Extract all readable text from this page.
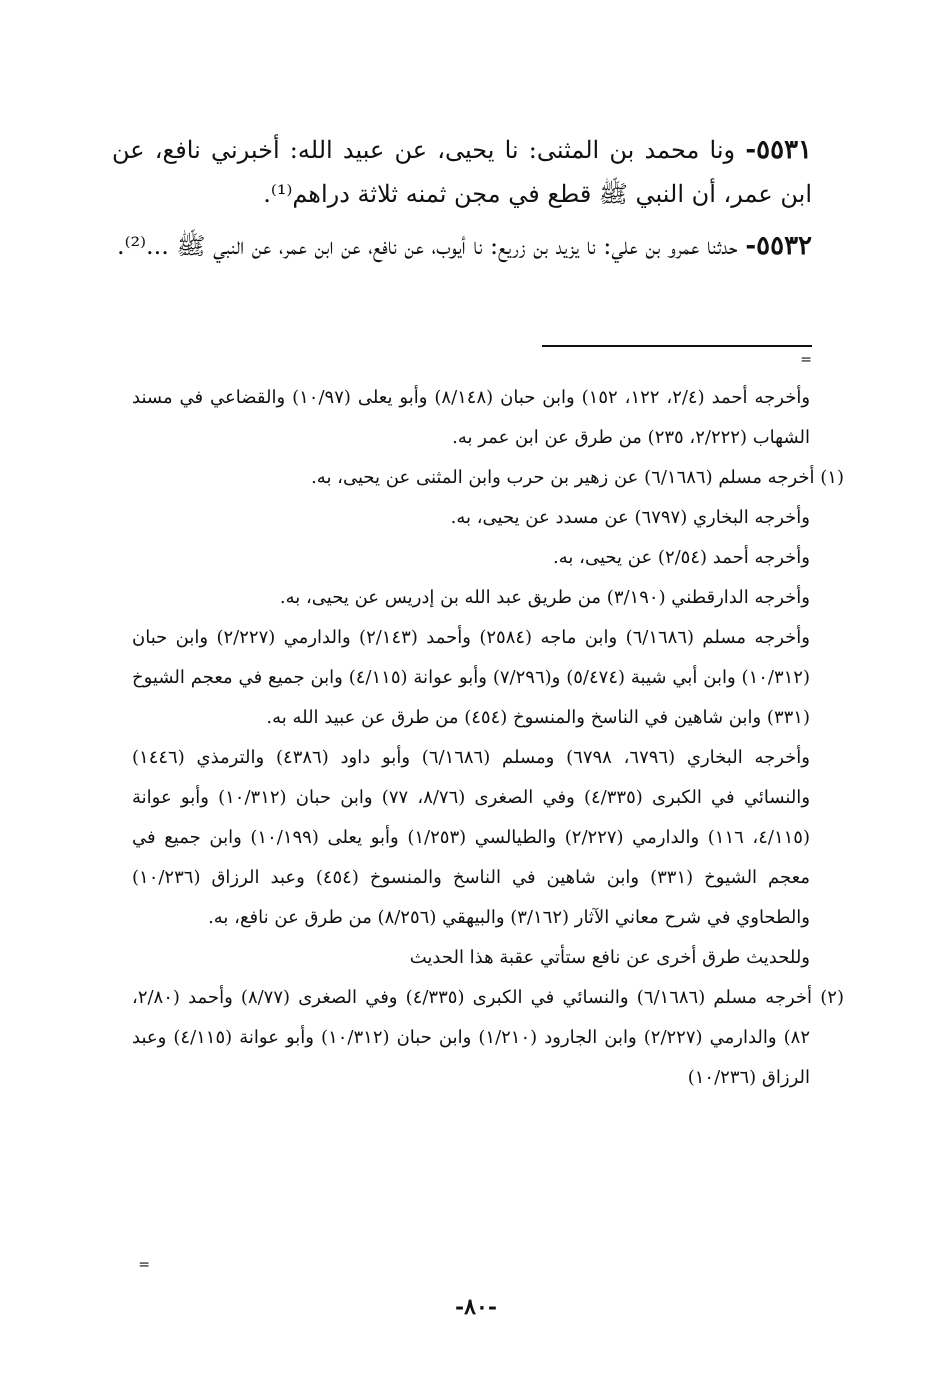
٥٥٣١- ونا محمد بن المثنى: نا يحيى، عن عبيد الله: أخبرني نافع، عن ابن عمر، أن النبي ﷺ قطع في مجن ثمنه ثلاثة دراهم⁽¹⁾.

٥٥٣٢- حدثنا عمرو بن علي: نا يزيد بن زريع: نا أيوب، عن نافع، عن ابن عمر، عن النبي ﷺ ...⁽²⁾.

=

وأخرجه أحمد (٢/٤، ١٢٢، ١٥٢) وابن حبان (٨/١٤٨) وأبو يعلى (١٠/٩٧) والقضاعي في مسند الشهاب (٢/٢٢٢، ٢٣٥) من طرق عن ابن عمر به.

(١) أخرجه مسلم (٦/١٦٨٦) عن زهير بن حرب وابن المثنى عن يحيى، به.

وأخرجه البخاري (٦٧٩٧) عن مسدد عن يحيى، به.

وأخرجه أحمد (٢/٥٤) عن يحيى، به.

وأخرجه الدارقطني (٣/١٩٠) من طريق عبد الله بن إدريس عن يحيى، به.

وأخرجه مسلم (٦/١٦٨٦) وابن ماجه (٢٥٨٤) وأحمد (٢/١٤٣) والدارمي (٢/٢٢٧) وابن حبان (١٠/٣١٢) وابن أبي شيبة (٥/٤٧٤) و(٧/٢٩٦) وأبو عوانة (٤/١١٥) وابن جميع في معجم الشيوخ (٣٣١) وابن شاهين في الناسخ والمنسوخ (٤٥٤) من طرق عن عبيد الله به.

وأخرجه البخاري (٦٧٩٦، ٦٧٩٨) ومسلم (٦/١٦٨٦) وأبو داود (٤٣٨٦) والترمذي (١٤٤٦) والنسائي في الكبرى (٤/٣٣٥) وفي الصغرى (٨/٧٦، ٧٧) وابن حبان (١٠/٣١٢) وأبو عوانة (٤/١١٥، ١١٦) والدارمي (٢/٢٢٧) والطيالسي (١/٢٥٣) وأبو يعلى (١٠/١٩٩) وابن جميع في معجم الشيوخ (٣٣١) وابن شاهين في الناسخ والمنسوخ (٤٥٤) وعبد الرزاق (١٠/٢٣٦) والطحاوي في شرح معاني الآثار (٣/١٦٢) والبيهقي (٨/٢٥٦) من طرق عن نافع، به.

وللحديث طرق أخرى عن نافع ستأتي عقبة هذا الحديث

(٢) أخرجه مسلم (٦/١٦٨٦) والنسائي في الكبرى (٤/٣٣٥) وفي الصغرى (٨/٧٧) وأحمد (٢/٨٠، ٨٢) والدارمي (٢/٢٢٧) وابن الجارود (١/٢١٠) وابن حبان (١٠/٣١٢) وأبو عوانة (٤/١١٥) وعبد الرزاق (١٠/٢٣٦)

=
-٨٠-
